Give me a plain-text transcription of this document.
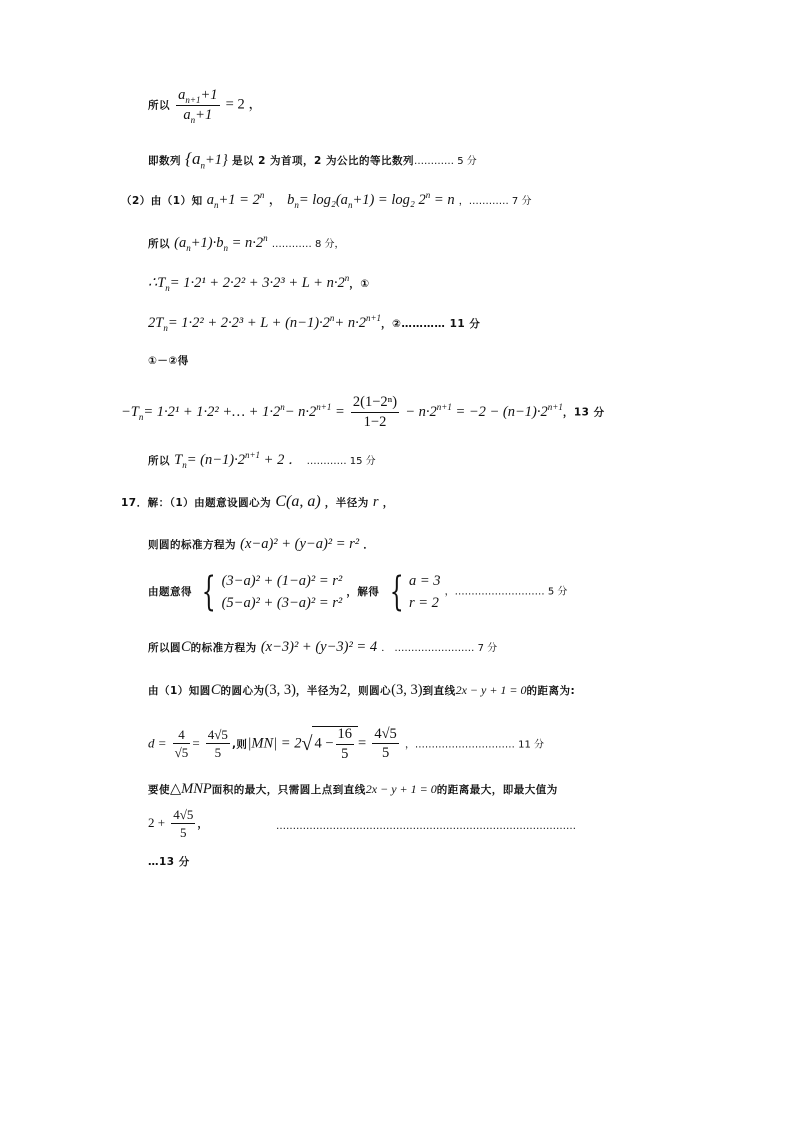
所以 $\frac{a_{n+1}+1}{a_n+1} = 2$ ，
即数列 $\{a_n+1\}$ 是以 2 为首项，2 为公比的等比数列………… 5 分
（2）由（1）知 $a_n+1 = 2^n$ ， $b_n= \log_2(a_n+1) = \log_2$ $2^n = n$ ，………… 7 分
所以 $(a_n+1)\cdot b_n = n\cdot 2^n$ ………… 8 分，
$\therefore T_n= 1\cdot 2^1 + 2\cdot 2^2 + 3\cdot 2^3 + L + n\cdot 2^n$，①
$2T_n= 1\cdot 2^2 + 2\cdot 2^3 + L + (n-1)\cdot 2^n+ n\cdot 2^{n+1}$，②………… 11 分
①－②得
$-T_n= 1\cdot 2^1 + 1\cdot 2^2$ +… + $1\cdot 2^n- n\cdot 2^{n+1} = \frac{\text{2(1−2ⁿ)}}{1-2} - n\cdot 2^{n+1} = -2 - (n-1)\cdot 2^{n+1}$，13 分
所以 $T_n= (n-1)\cdot 2^{n+1} + 2$ ． ………… 15 分
17．解：（1）由题意设圆心为 C(a, a) ，半径为 r ，
则圆的标准方程为 (x−a)² + (y−a)² = r² ．
由题意得 { (3−a)² + (1−a)² = r²
(5−a)² + (3−a)² = r²
，解得 { a = 3
r = 2
，……………………… 5 分
所以圆C的标准方程为 (x−3)² + (y−3)² = 4 ． …………………… 7 分
由（1）知圆C的圆心为(3, 3)，半径为2，则圆心(3, 3)到直线2x − y + 1 = 0的距离为:
$d = \frac{4}{√5} = \frac{4√5}{5}$ ,则|MN| = 2√ $4 - \frac{16}{5} = \frac{4√5}{5}$ ，………………………… 11 分
要使△MNP面积的最大，只需圆上点到直线2x − y + 1 = 0的距离最大，即最大值为
$2 + \frac{4√5}{5}$ ，	………………………………………………………………………………
…13 分
